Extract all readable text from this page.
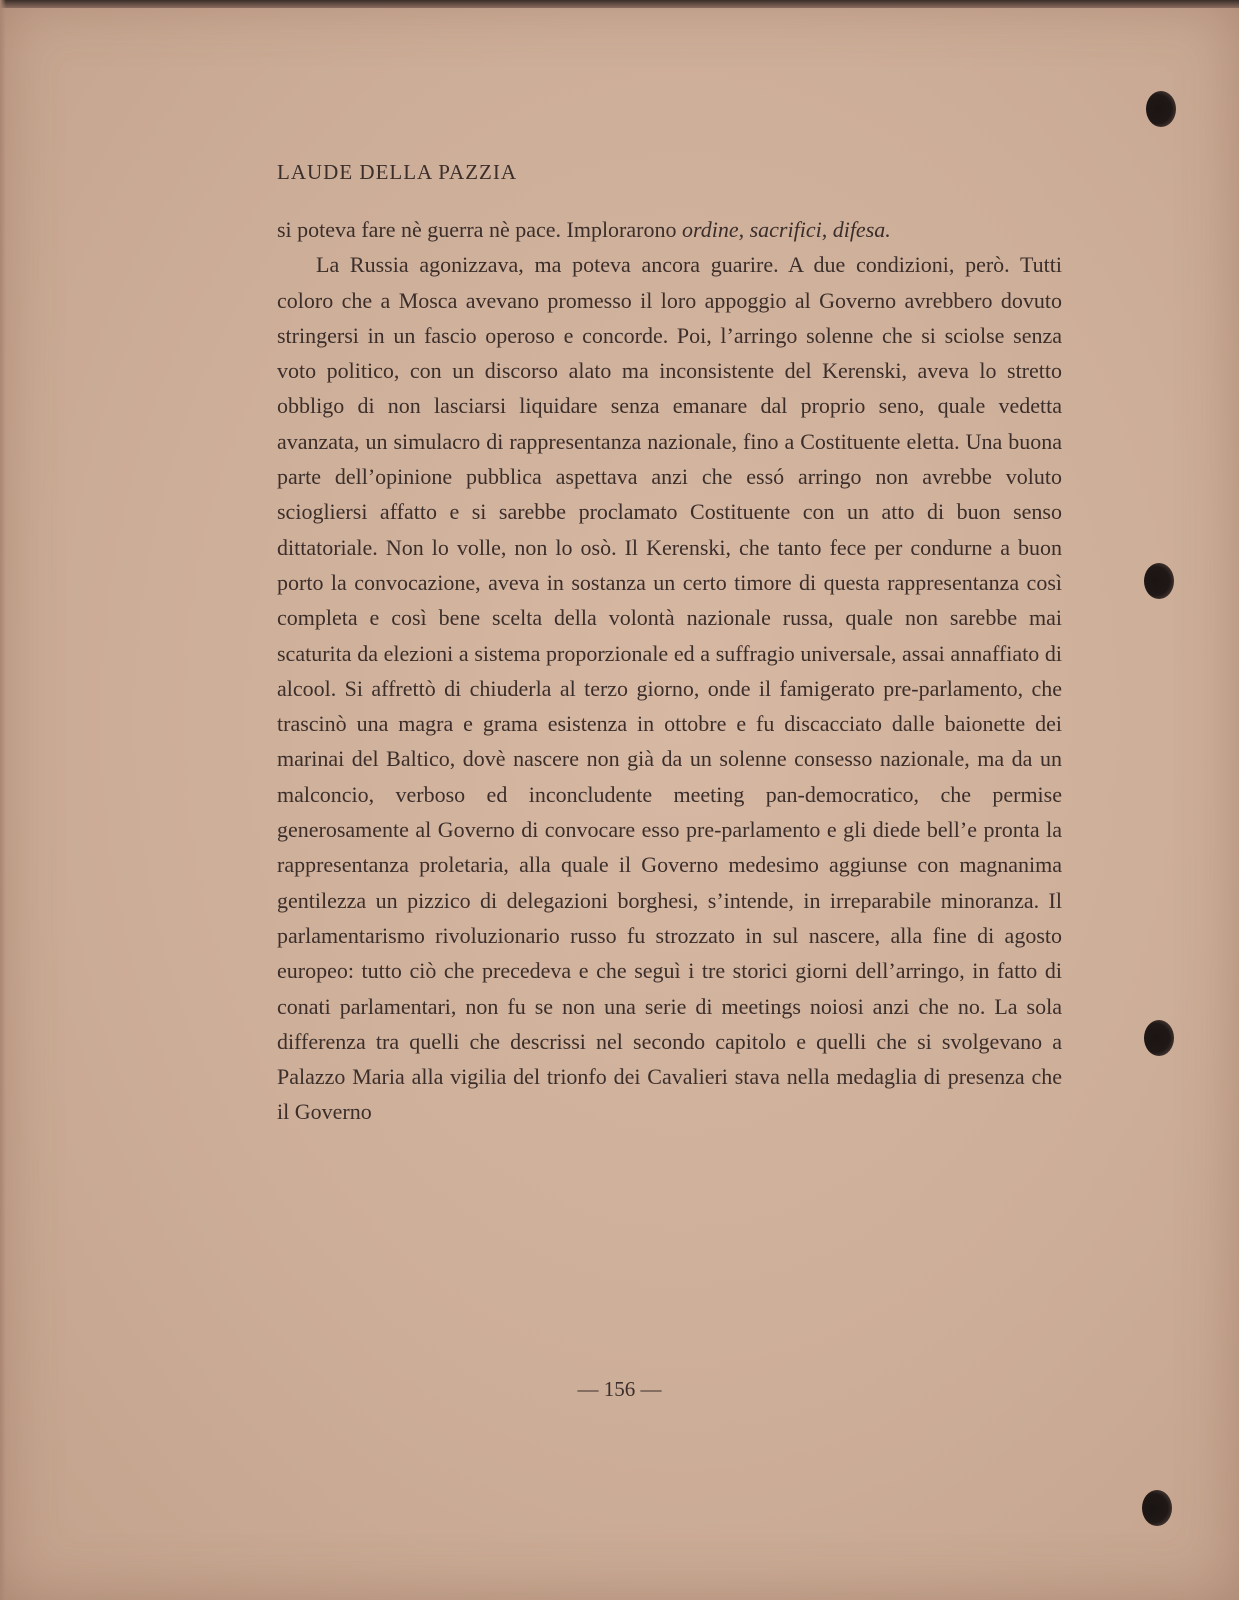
LAUDE DELLA PAZZIA

si poteva fare nè guerra nè pace. Implorarono ordine, sacrifici, difesa.

La Russia agonizzava, ma poteva ancora guarire. A due condizioni, però. Tutti coloro che a Mosca avevano promesso il loro appoggio al Governo avrebbero dovuto stringersi in un fascio operoso e concorde. Poi, l’arringo solenne che si sciolse senza voto politico, con un discorso alato ma inconsistente del Kerenski, aveva lo stretto obbligo di non lasciarsi liquidare senza emanare dal proprio seno, quale vedetta avanzata, un simulacro di rappresentanza nazionale, fino a Costituente eletta. Una buona parte dell’opinione pubblica aspettava anzi che essó arringo non avrebbe voluto sciogliersi affatto e si sarebbe proclamato Costituente con un atto di buon senso dittatoriale. Non lo volle, non lo osò. Il Kerenski, che tanto fece per condurne a buon porto la convocazione, aveva in sostanza un certo timore di questa rappresentanza così completa e così bene scelta della volontà nazionale russa, quale non sarebbe mai scaturita da elezioni a sistema proporzionale ed a suffragio universale, assai annaffiato di alcool. Si affrettò di chiuderla al terzo giorno, onde il famigerato pre-parlamento, che trascinò una magra e grama esistenza in ottobre e fu discacciato dalle baionette dei marinai del Baltico, dovè nascere non già da un solenne consesso nazionale, ma da un malconcio, verboso ed inconcludente meeting pan-democratico, che permise generosamente al Governo di convocare esso pre-parlamento e gli diede bell’e pronta la rappresentanza proletaria, alla quale il Governo medesimo aggiunse con magnanima gentilezza un pizzico di delegazioni borghesi, s’intende, in irreparabile minoranza. Il parlamentarismo rivoluzionario russo fu strozzato in sul nascere, alla fine di agosto europeo: tutto ciò che precedeva e che seguì i tre storici giorni dell’arringo, in fatto di conati parlamentari, non fu se non una serie di meetings noiosi anzi che no. La sola differenza tra quelli che descrissi nel secondo capitolo e quelli che si svolgevano a Palazzo Maria alla vigilia del trionfo dei Cavalieri stava nella medaglia di presenza che il Governo

— 156 —
